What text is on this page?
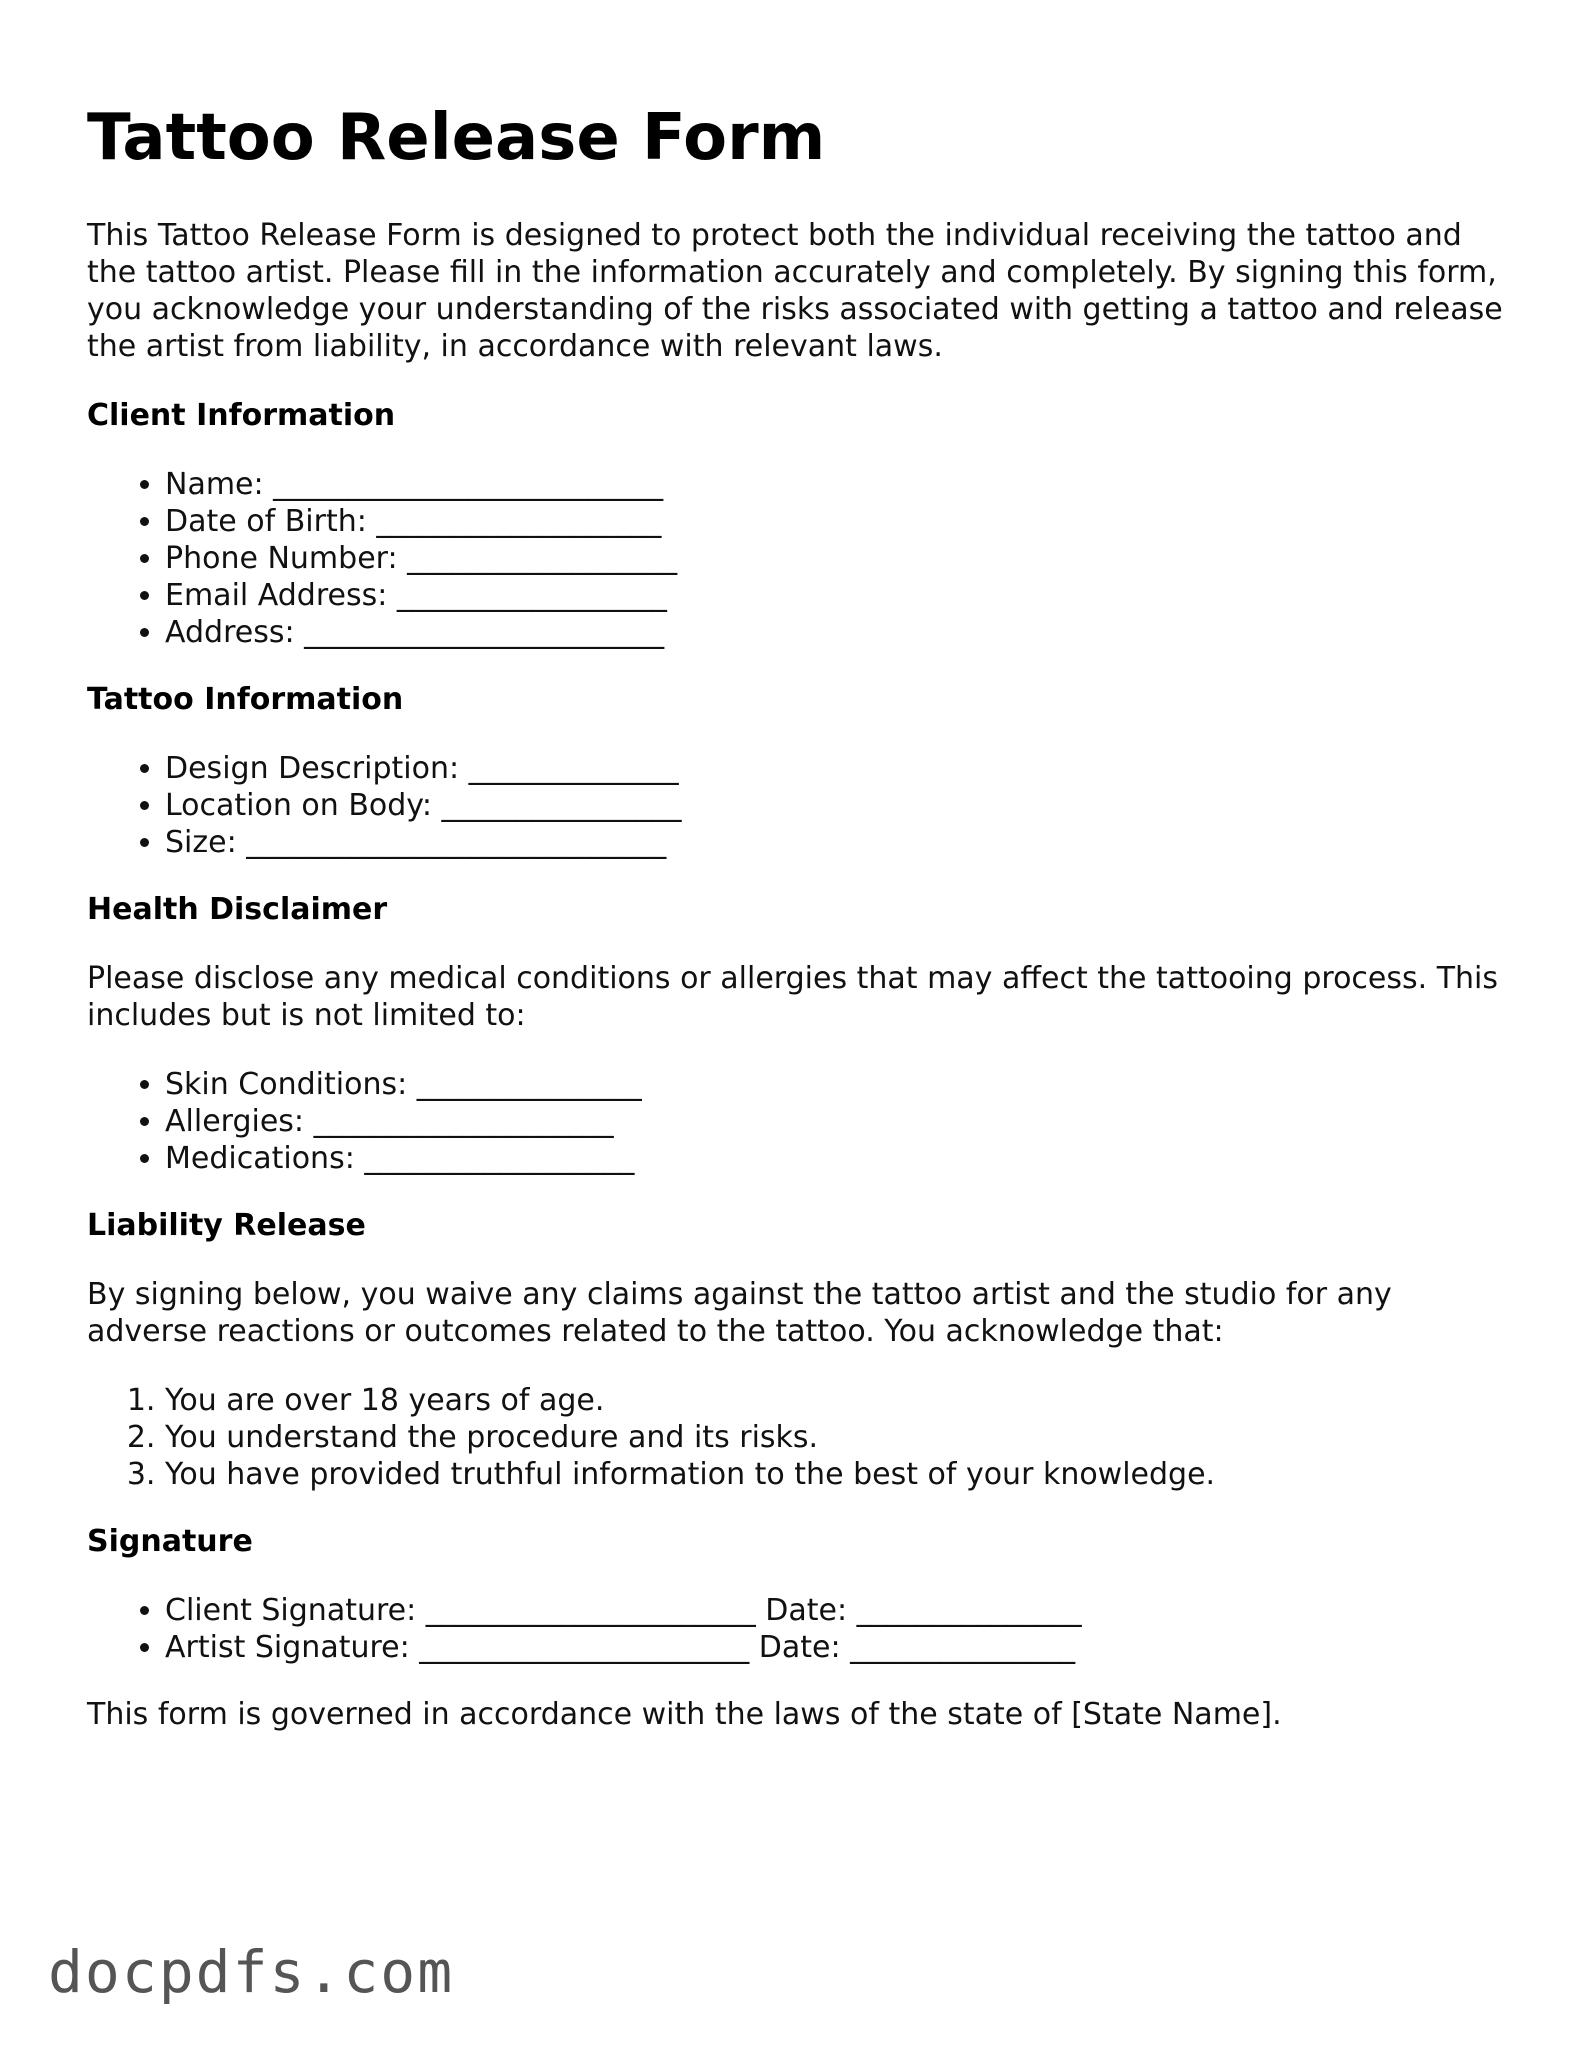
Tattoo Release Form

This Tattoo Release Form is designed to protect both the individual receiving the tattoo and the tattoo artist. Please fill in the information accurately and completely. By signing this form, you acknowledge your understanding of the risks associated with getting a tattoo and release the artist from liability, in accordance with relevant laws.

Client Information
• Name: __________________________
• Date of Birth: ___________________
• Phone Number: __________________
• Email Address: __________________
• Address: ________________________
Tattoo Information
• Design Description: ______________
• Location on Body: ________________
• Size: ____________________________
Health Disclaimer

Please disclose any medical conditions or allergies that may affect the tattooing process. This includes but is not limited to:

• Skin Conditions: _______________
• Allergies: ____________________
• Medications: __________________
Liability Release

By signing below, you waive any claims against the tattoo artist and the studio for any adverse reactions or outcomes related to the tattoo. You acknowledge that:

1. You are over 18 years of age.
2. You understand the procedure and its risks.
3. You have provided truthful information to the best of your knowledge.
Signature
• Client Signature: ______________________ Date: _______________
• Artist Signature: ______________________ Date: _______________

This form is governed in accordance with the laws of the state of [State Name].

docpdfs.com
